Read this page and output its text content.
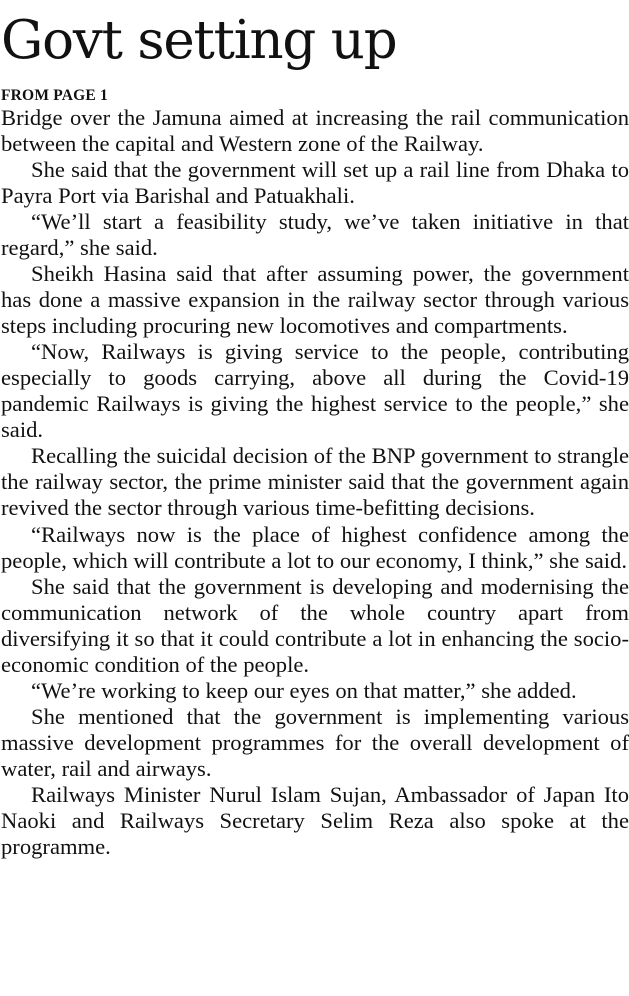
Govt setting up
FROM PAGE 1

Bridge over the Jamuna aimed at increasing the rail communication between the capital and Western zone of the Railway.

She said that the government will set up a rail line from Dhaka to Payra Port via Barishal and Patuakhali.

“We’ll start a feasibility study, we’ve taken initiative in that regard,” she said.

Sheikh Hasina said that after assuming power, the government has done a massive expansion in the railway sector through various steps including procuring new locomotives and compartments.

“Now, Railways is giving service to the people, contributing especially to goods carrying, above all during the Covid-19 pandemic Railways is giving the highest service to the people,” she said.

Recalling the suicidal decision of the BNP government to strangle the railway sector, the prime minister said that the government again revived the sector through various time-befitting decisions.

“Railways now is the place of highest confidence among the people, which will contribute a lot to our economy, I think,” she said.

She said that the government is developing and modernising the communication network of the whole country apart from diversifying it so that it could contribute a lot in enhancing the socio-economic condition of the people.

“We’re working to keep our eyes on that matter,” she added.

She mentioned that the government is implementing various massive development programmes for the overall development of water, rail and airways.

Railways Minister Nurul Islam Sujan, Ambassador of Japan Ito Naoki and Railways Secretary Selim Reza also spoke at the programme.
